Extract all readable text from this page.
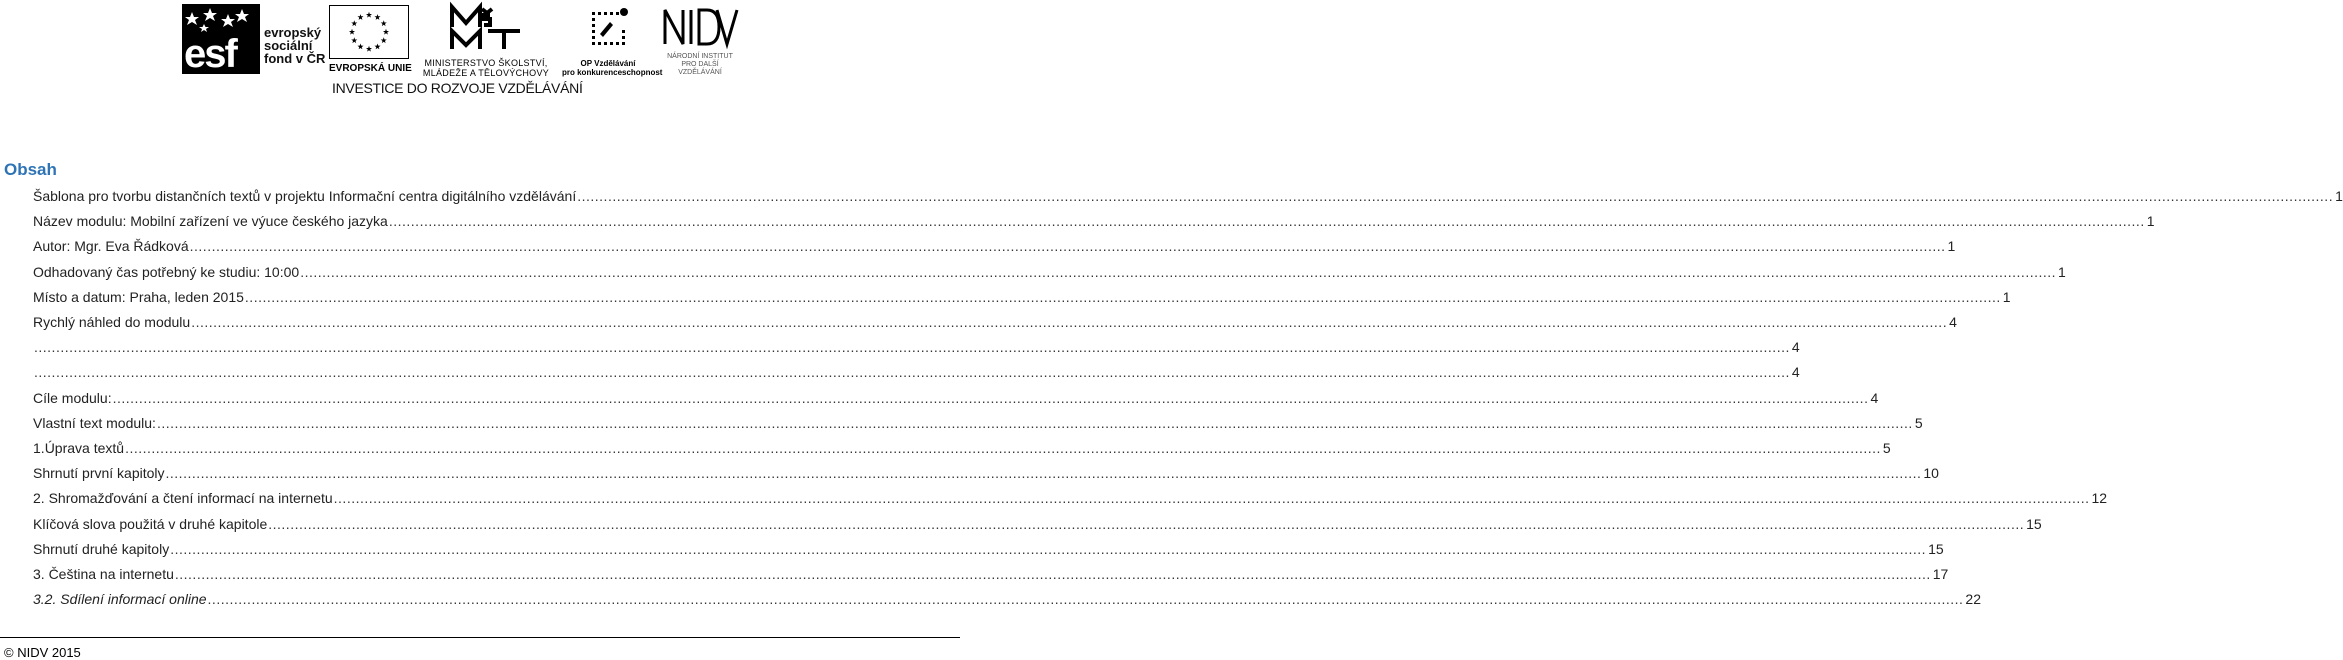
esf evropský
sociální
fond v ČR
EVROPSKÁ UNIE	MINISTERSTVO ŠKOLSTVÍ,
MLÁDEŽE A TĚLOVÝCHOVY
OP Vzdělávání
pro konkurenceschopnost
NÁRODNÍ INSTITUT
PRO DALŠÍ
VZDĚLÁVÁNÍ
INVESTICE DO ROZVOJE VZDĚLÁVÁNÍ
Obsah
Šablona pro tvorbu distančních textů v projektu Informační centra digitálního vzdělávání ................................................................................................................................................................................................................................................................................................................................................................................................................ 1
Název modulu: Mobilní zařízení ve výuce českého jazyka ................................................................................................................................................................................................................................................................................................................................................................................................................ 1
Autor: Mgr. Eva Řádková ................................................................................................................................................................................................................................................................................................................................................................................................................ 1
Odhadovaný čas potřebný ke studiu: 10:00 ................................................................................................................................................................................................................................................................................................................................................................................................................ 1
Místo a datum: Praha, leden 2015 ................................................................................................................................................................................................................................................................................................................................................................................................................ 1
Rychlý náhled do modulu ................................................................................................................................................................................................................................................................................................................................................................................................................ 4
................................................................................................................................................................................................................................................................................................................................................................................................................ 4
................................................................................................................................................................................................................................................................................................................................................................................................................ 4
Cíle modulu: ................................................................................................................................................................................................................................................................................................................................................................................................................ 4
Vlastní text modulu: ................................................................................................................................................................................................................................................................................................................................................................................................................ 5
1. Úprava textů ................................................................................................................................................................................................................................................................................................................................................................................................................ 5
Shrnutí první kapitoly ................................................................................................................................................................................................................................................................................................................................................................................................................ 10
2. Shromažďování a čtení informací na internetu ................................................................................................................................................................................................................................................................................................................................................................................................................ 12
Klíčová slova použitá v druhé kapitole ................................................................................................................................................................................................................................................................................................................................................................................................................ 15
Shrnutí druhé kapitoly ................................................................................................................................................................................................................................................................................................................................................................................................................ 15
3. Čeština na internetu ................................................................................................................................................................................................................................................................................................................................................................................................................ 17
3.2. Sdílení informací online ................................................................................................................................................................................................................................................................................................................................................................................................................ 22
© NIDV 2015
